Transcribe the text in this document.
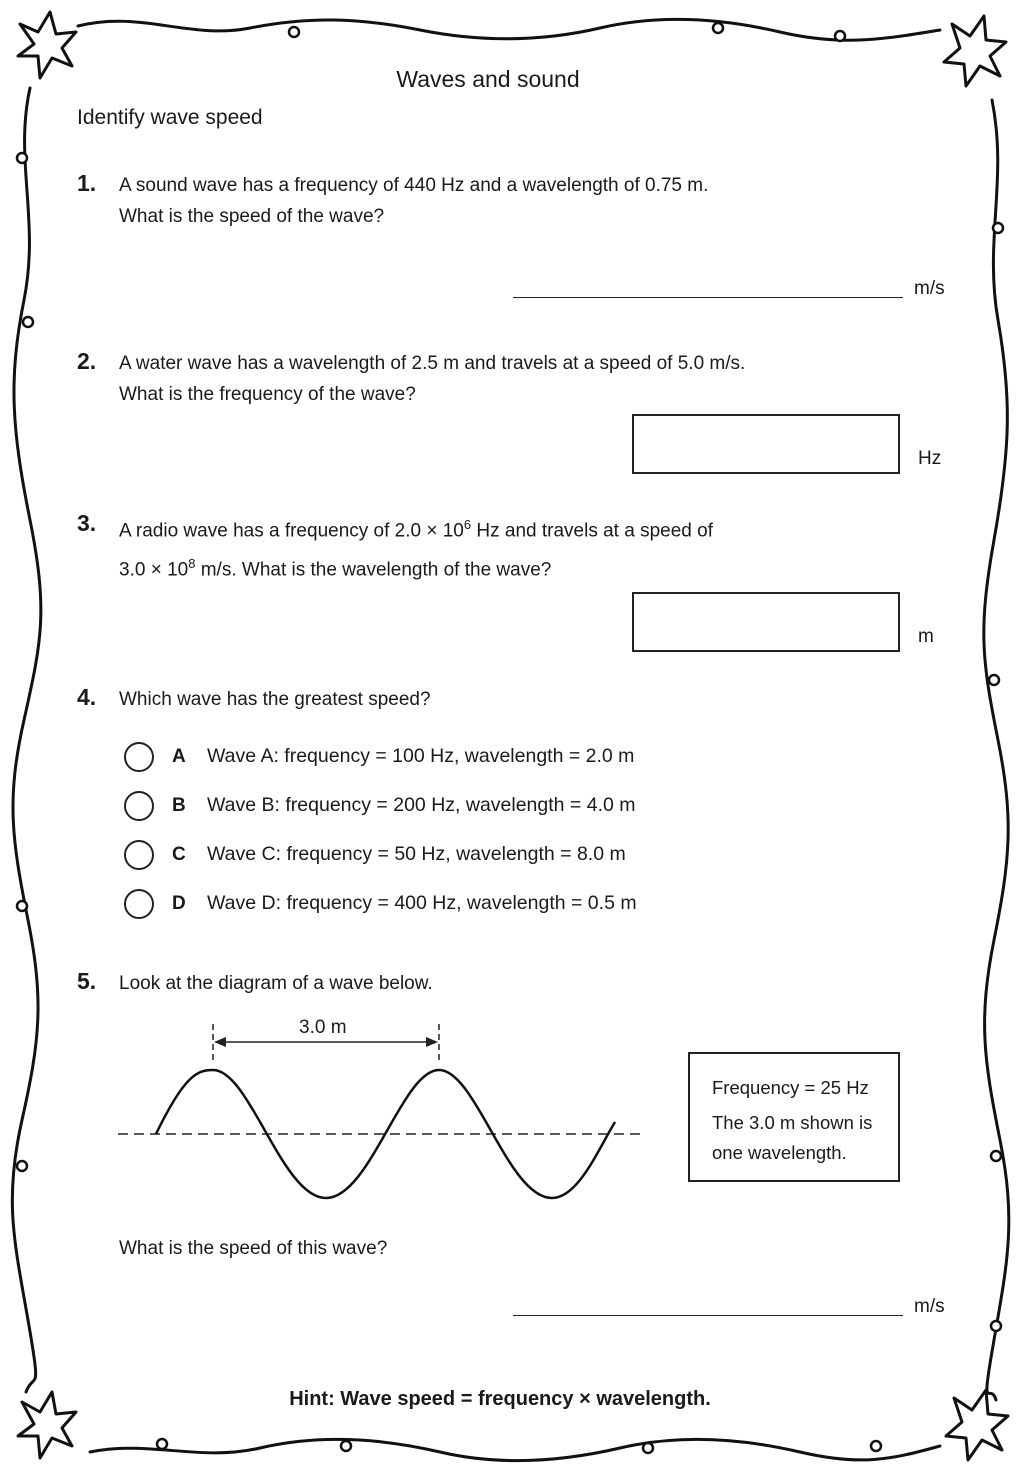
Waves and sound
Identify wave speed
1. A sound wave has a frequency of 440 Hz and a wavelength of 0.75 m.
What is the speed of the wave?
m/s
2. A water wave has a wavelength of 2.5 m and travels at a speed of 5.0 m/s.
What is the frequency of the wave?
Hz
3. A radio wave has a frequency of $2.0 \times 10^6$ Hz and travels at a speed of
$3.0 \times 10^8$ m/s. What is the wavelength of the wave?
m
4. Which wave has the greatest speed?
A Wave A: frequency = 100 Hz, wavelength = 2.0 m
B Wave B: frequency = 200 Hz, wavelength = 4.0 m
C Wave C: frequency = 50 Hz, wavelength = 8.0 m
D Wave D: frequency = 400 Hz, wavelength = 0.5 m
5. Look at the diagram of a wave below.
3.0 m
Frequency = 25 Hz
The 3.0 m shown is
one wavelength.
What is the speed of this wave?
m/s
Hint: Wave speed = frequency × wavelength.
